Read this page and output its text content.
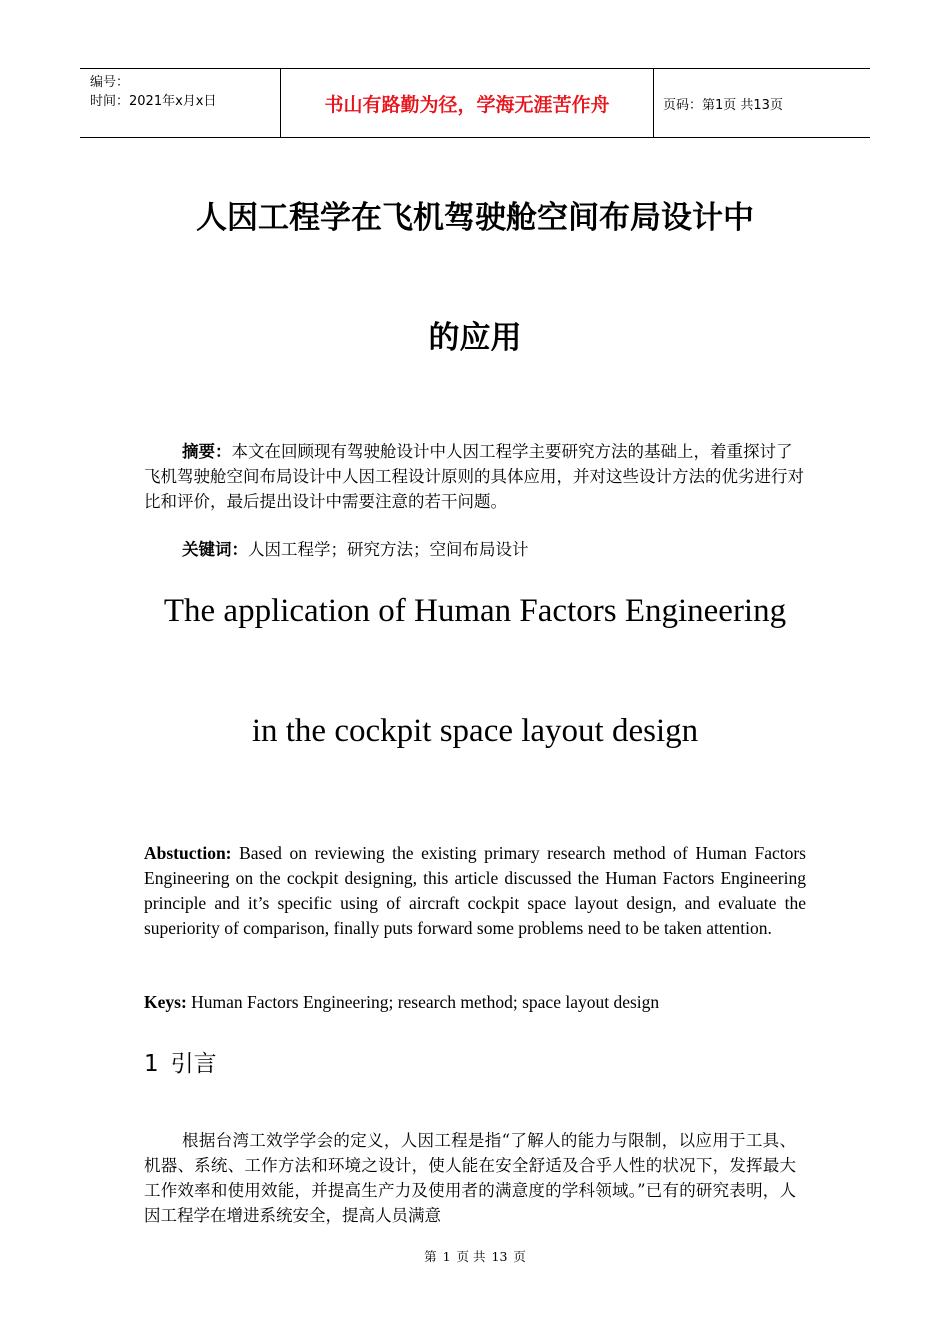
编号：
时间：2021年x月x日	书山有路勤为径，学海无涯苦作舟	页码：第1页 共13页
人因工程学在飞机驾驶舱空间布局设计中
的应用
摘要：本文在回顾现有驾驶舱设计中人因工程学主要研究方法的基础上，着重探讨了飞机驾驶舱空间布局设计中人因工程设计原则的具体应用，并对这些设计方法的优劣进行对比和评价，最后提出设计中需要注意的若干问题。
关键词：人因工程学；研究方法；空间布局设计
The application of Human Factors Engineering
in the cockpit space layout design
Abstuction: Based on reviewing the existing primary research method of Human Factors Engineering on the cockpit designing, this article discussed the Human Factors Engineering principle and it’s specific using of aircraft cockpit space layout design, and evaluate the superiority of comparison, finally puts forward some problems need to be taken attention.
Keys: Human Factors Engineering; research method; space layout design
1 引言
根据台湾工效学学会的定义，人因工程是指“了解人的能力与限制，以应用于工具、机器、系统、工作方法和环境之设计，使人能在安全舒适及合乎人性的状况下，发挥最大工作效率和使用效能，并提高生产力及使用者的满意度的学科领域。”已有的研究表明，人因工程学在增进系统安全，提高人员满意
第 1 页 共 13 页
